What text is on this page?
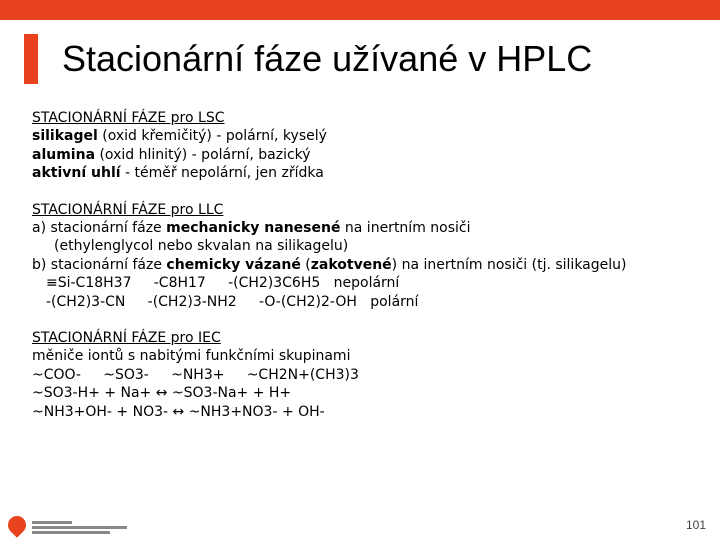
Stacionární fáze užívané v HPLC
STACIONÁRNÍ FÁZE pro LSC
silikagel (oxid křemičitý) - polární, kyselý
alumina (oxid hlinitý) - polární, bazický
aktivní uhlí - téměř nepolární, jen zřídka
STACIONÁRNÍ FÁZE pro LLC
a) stacionární fáze mechanicky nanesené na inertním nosiči
(ethylenglycol nebo skvalan na silikagelu)
b) stacionární fáze chemicky vázané (zakotvené) na inertním nosiči (tj. silikagelu)
≡Si-C18H37     -C8H17     -(CH2)3C6H5   nepolární
-(CH2)3-CN     -(CH2)3-NH2     -O-(CH2)2-OH   polární
STACIONÁRNÍ FÁZE pro IEC
měniče iontů s nabitými funkčními skupinami
~COO-     ~SO3-     ~NH3+     ~CH2N+(CH3)3
~SO3-H+ + Na+ ↔ ~SO3-Na+ + H+
~NH3+OH- + NO3- ↔ ~NH3+NO3- + OH-
101
